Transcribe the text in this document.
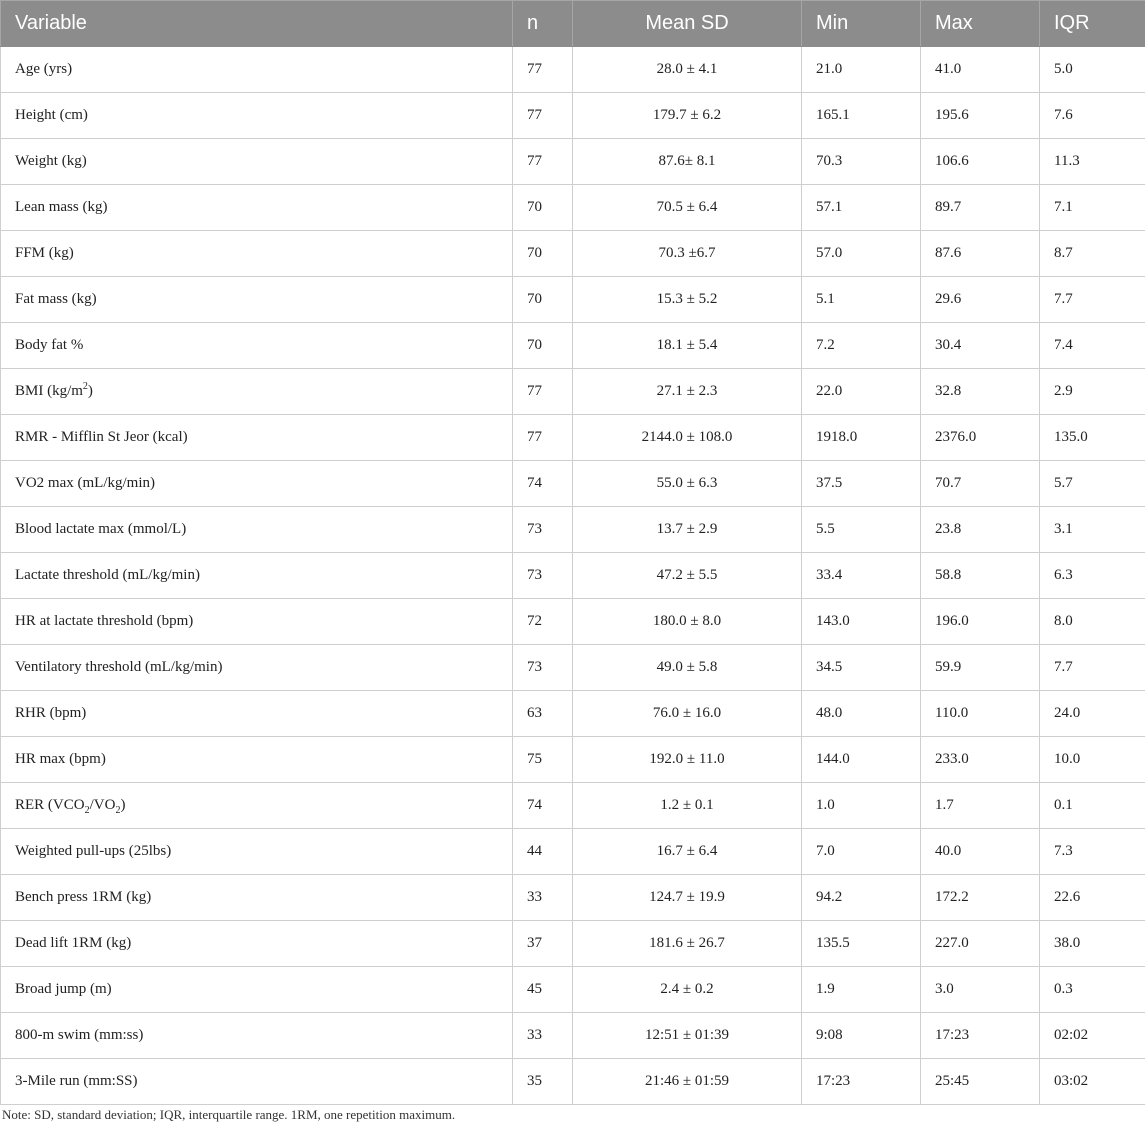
Variable	n	Mean SD	Min	Max	IQR
Age (yrs)	77	28.0 ± 4.1	21.0	41.0	5.0
Height (cm)	77	179.7 ± 6.2	165.1	195.6	7.6
Weight (kg)	77	87.6± 8.1	70.3	106.6	11.3
Lean mass (kg)	70	70.5 ± 6.4	57.1	89.7	7.1
FFM (kg)	70	70.3 ±6.7	57.0	87.6	8.7
Fat mass (kg)	70	15.3 ± 5.2	5.1	29.6	7.7
Body fat %	70	18.1 ± 5.4	7.2	30.4	7.4
BMI $(kg/m^2)$	77	27.1 ± 2.3	22.0	32.8	2.9
RMR - Mifflin St Jeor (kcal)	77	2144.0 ± 108.0	1918.0	2376.0	135.0
VO2 max (mL/kg/min)	74	55.0 ± 6.3	37.5	70.7	5.7
Blood lactate max (mmol/L)	73	13.7 ± 2.9	5.5	23.8	3.1
Lactate threshold (mL/kg/min)	73	47.2 ± 5.5	33.4	58.8	6.3
HR at lactate threshold (bpm)	72	180.0 ± 8.0	143.0	196.0	8.0
Ventilatory threshold (mL/kg/min)	73	49.0 ± 5.8	34.5	59.9	7.7
RHR (bpm)	63	76.0 ± 16.0	48.0	110.0	24.0
HR max (bpm)	75	192.0 ± 11.0	144.0	233.0	10.0
RER $(VCO_2/VO_2)$	74	1.2 ± 0.1	1.0	1.7	0.1
Weighted pull-ups (25lbs)	44	16.7 ± 6.4	7.0	40.0	7.3
Bench press 1RM (kg)	33	124.7 ± 19.9	94.2	172.2	22.6
Dead lift 1RM (kg)	37	181.6 ± 26.7	135.5	227.0	38.0
Broad jump (m)	45	2.4 ± 0.2	1.9	3.0	0.3
800-m swim (mm:ss)	33	12:51 ± 01:39	9:08	17:23	02:02
3-Mile run (mm:SS)	35	21:46 ± 01:59	17:23	25:45	03:02
Note: SD, standard deviation; IQR, interquartile range. 1RM, one repetition maximum.
